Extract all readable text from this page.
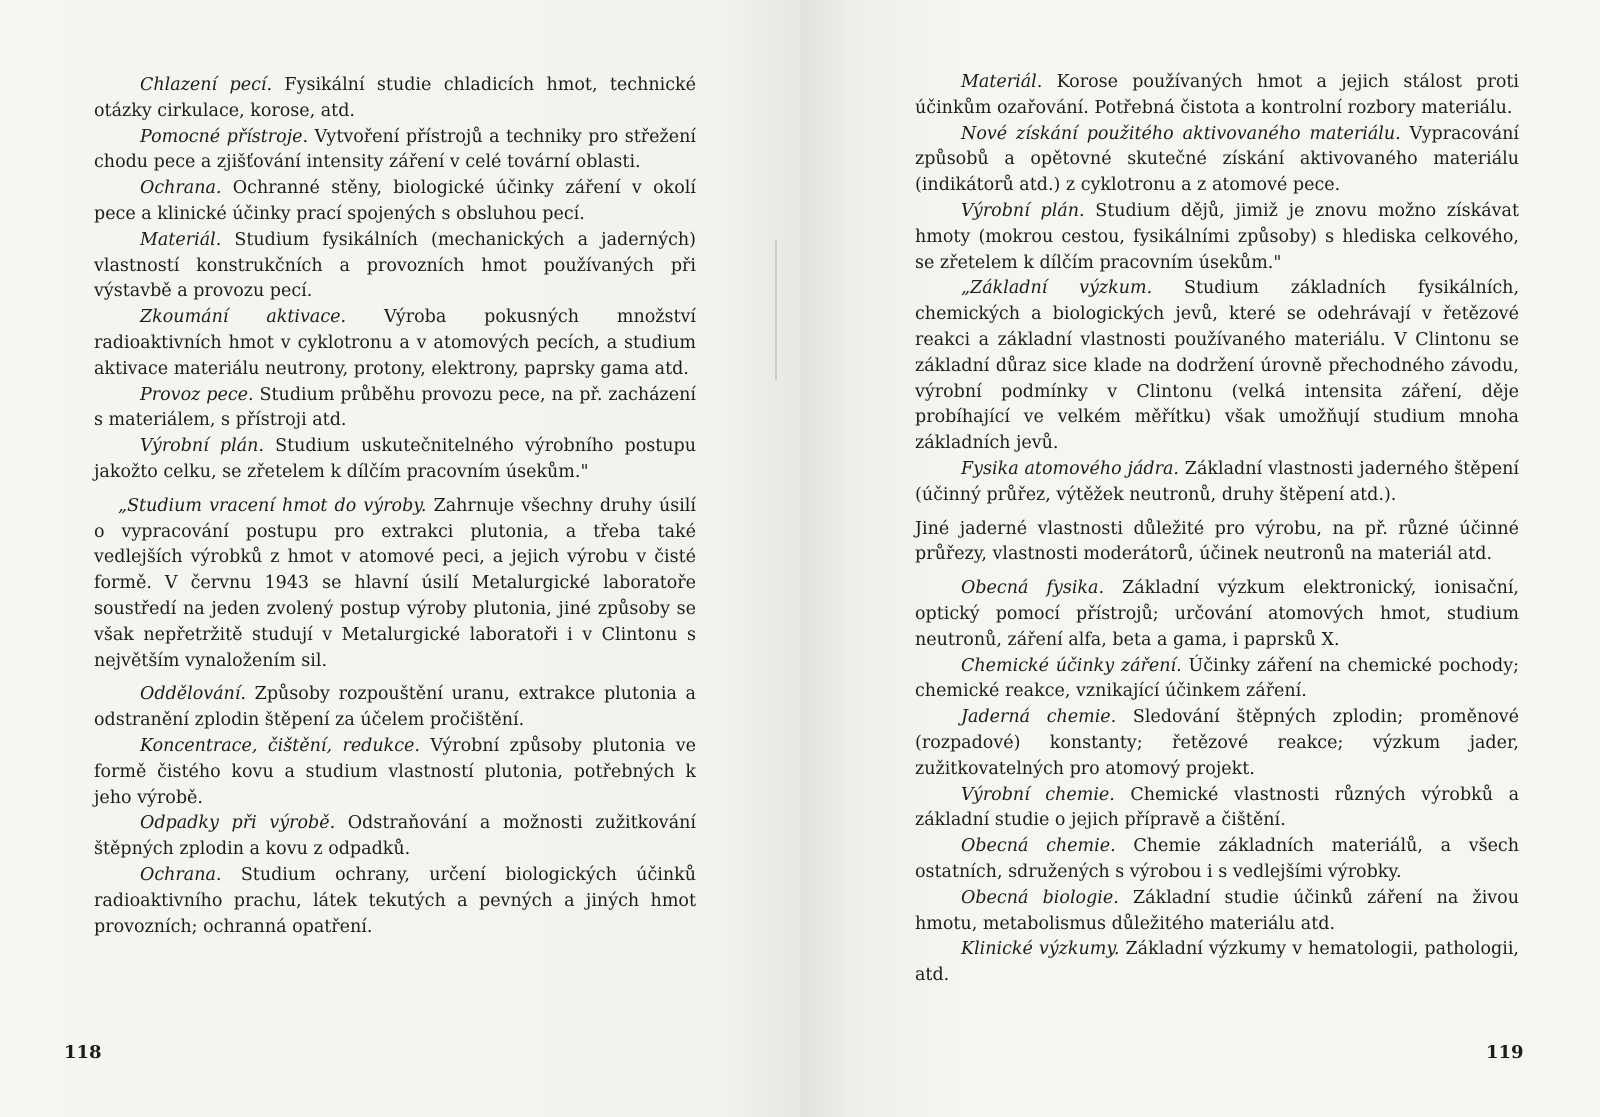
Chlazení pecí. Fysikální studie chladicích hmot, technické otázky cirkulace, korose, atd.

Pomocné přístroje. Vytvoření přístrojů a techniky pro střežení chodu pece a zjišťování intensity záření v celé tovární oblasti.

Ochrana. Ochranné stěny, biologické účinky záření v okolí pece a klinické účinky prací spojených s obsluhou pecí.

Materiál. Studium fysikálních (mechanických a jaderných) vlastností konstrukčních a provozních hmot používaných při výstavbě a provozu pecí.

Zkoumání aktivace. Výroba pokusných množství radioaktivních hmot v cyklotronu a v atomových pecích, a studium aktivace materiálu neutrony, protony, elektrony, paprsky gama atd.

Provoz pece. Studium průběhu provozu pece, na př. zacházení s materiálem, s přístroji atd.

Výrobní plán. Studium uskutečnitelného výrobního postupu jakožto celku, se zřetelem k dílčím pracovním úsekům."

„Studium vracení hmot do výroby. Zahrnuje všechny druhy úsilí o vypracování postupu pro extrakci plutonia, a třeba také vedlejších výrobků z hmot v atomové peci, a jejich výrobu v čisté formě. V červnu 1943 se hlavní úsilí Metalurgické laboratoře soustředí na jeden zvolený postup výroby plutonia, jiné způsoby se však nepřetržitě studují v Metalurgické laboratoři i v Clintonu s největším vynaložením sil.

Oddělování. Způsoby rozpouštění uranu, extrakce plutonia a odstranění zplodin štěpení za účelem pročištění.

Koncentrace, čištění, redukce. Výrobní způsoby plutonia ve formě čistého kovu a studium vlastností plutonia, potřebných k jeho výrobě.

Odpadky při výrobě. Odstraňování a možnosti zužitkování štěpných zplodin a kovu z odpadků.

Ochrana. Studium ochrany, určení biologických účinků radioaktivního prachu, látek tekutých a pevných a jiných hmot provozních; ochranná opatření.

118

Materiál. Korose používaných hmot a jejich stálost proti účinkům ozařování. Potřebná čistota a kontrolní rozbory materiálu.

Nové získání použitého aktivovaného materiálu. Vypracování způsobů a opětovné skutečné získání aktivovaného materiálu (indikátorů atd.) z cyklotronu a z atomové pece.

Výrobní plán. Studium dějů, jimiž je znovu možno získávat hmoty (mokrou cestou, fysikálními způsoby) s hlediska celkového, se zřetelem k dílčím pracovním úsekům."

„Základní výzkum. Studium základních fysikálních, chemických a biologických jevů, které se odehrávají v řetězové reakci a základní vlastnosti používaného materiálu. V Clintonu se základní důraz sice klade na dodržení úrovně přechodného závodu, výrobní podmínky v Clintonu (velká intensita záření, děje probíhající ve velkém měřítku) však umožňují studium mnoha základních jevů.

Fysika atomového jádra. Základní vlastnosti jaderného štěpení (účinný průřez, výtěžek neutronů, druhy štěpení atd.).

Jiné jaderné vlastnosti důležité pro výrobu, na př. různé účinné průřezy, vlastnosti moderátorů, účinek neutronů na materiál atd.

Obecná fysika. Základní výzkum elektronický, ionisační, optický pomocí přístrojů; určování atomových hmot, studium neutronů, záření alfa, beta a gama, i paprsků X.

Chemické účinky záření. Účinky záření na chemické pochody; chemické reakce, vznikající účinkem záření.

Jaderná chemie. Sledování štěpných zplodin; proměnové (rozpadové) konstanty; řetězové reakce; výzkum jader, zužitkovatelných pro atomový projekt.

Výrobní chemie. Chemické vlastnosti různých výrobků a základní studie o jejich přípravě a čištění.

Obecná chemie. Chemie základních materiálů, a všech ostatních, sdružených s výrobou i s vedlejšími výrobky.

Obecná biologie. Základní studie účinků záření na živou hmotu, metabolismus důležitého materiálu atd.

Klinické výzkumy. Základní výzkumy v hematologii, pathologii, atd.

119
